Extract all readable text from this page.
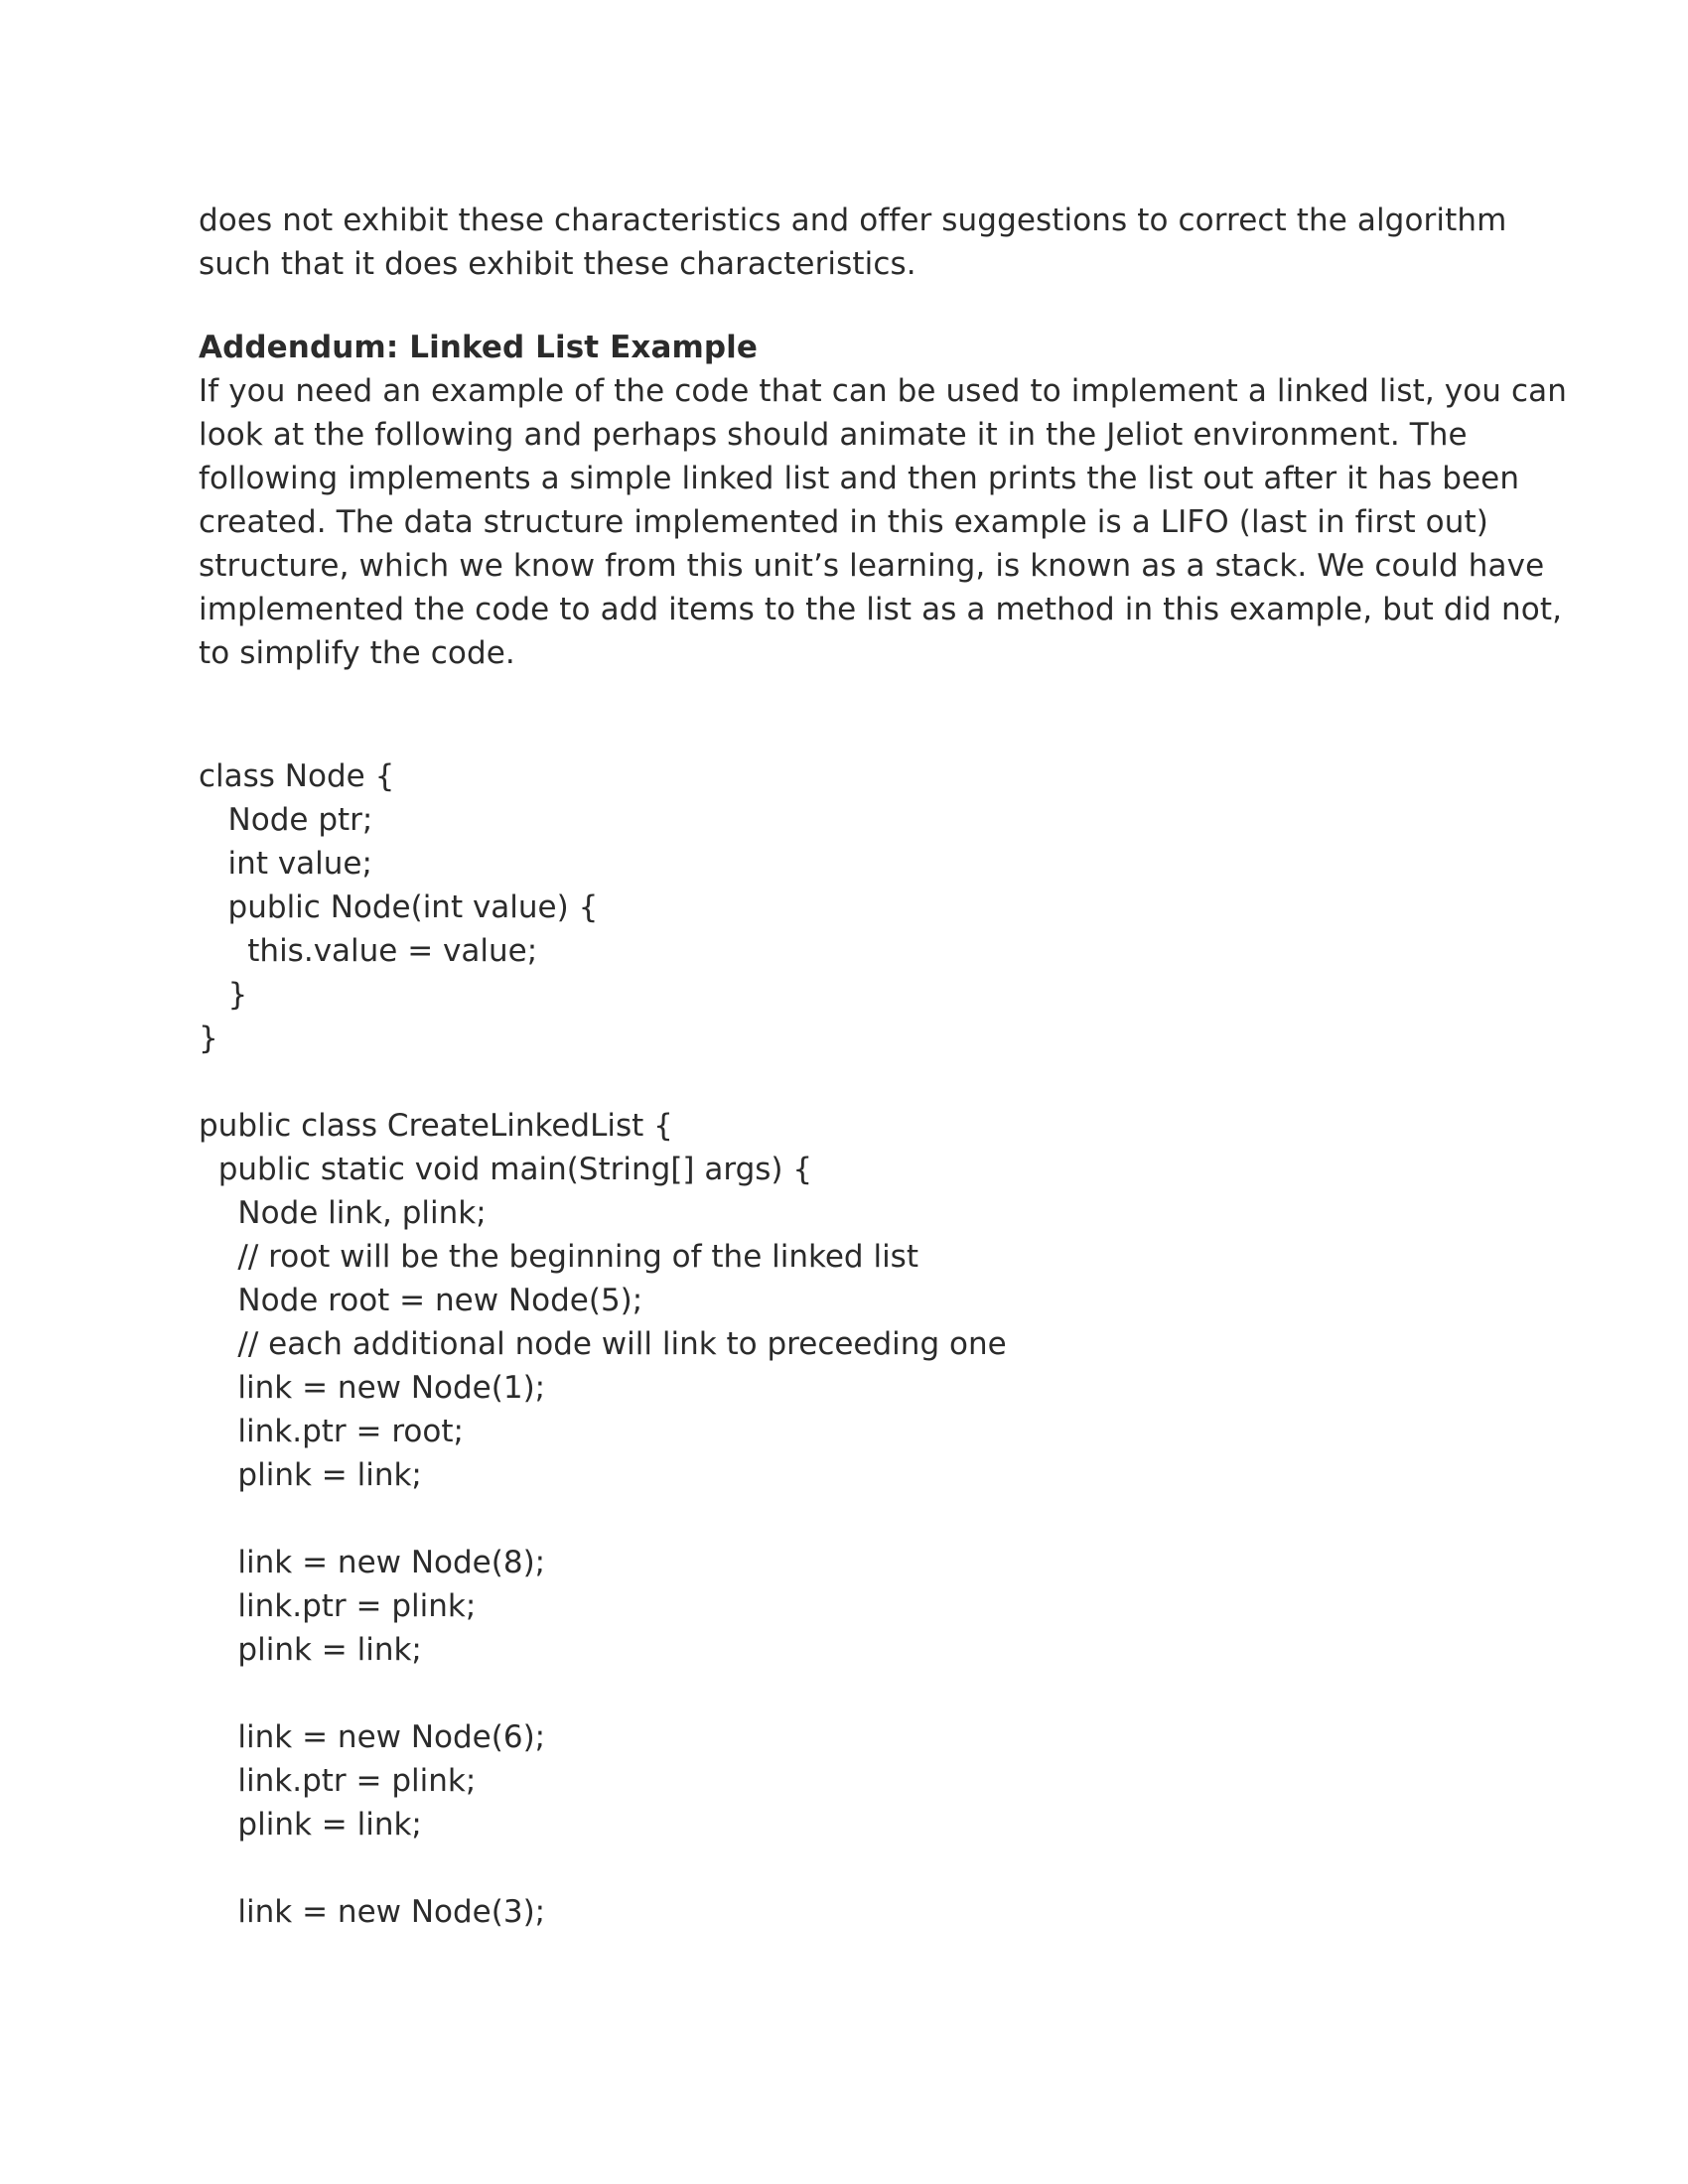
does not exhibit these characteristics and offer suggestions to correct the algorithm
such that it does exhibit these characteristics.
Addendum: Linked List Example
If you need an example of the code that can be used to implement a linked list, you can
look at the following and perhaps should animate it in the Jeliot environment. The
following implements a simple linked list and then prints the list out after it has been
created. The data structure implemented in this example is a LIFO (last in first out)
structure, which we know from this unit’s learning, is known as a stack. We could have
implemented the code to add items to the list as a method in this example, but did not,
to simplify the code.
class Node {
Node ptr;
int value;
public Node(int value) {
this.value = value;
}
}
public class CreateLinkedList {
public static void main(String[] args) {
Node link, plink;
// root will be the beginning of the linked list
Node root = new Node(5);
// each additional node will link to preceeding one
link = new Node(1);
link.ptr = root;
plink = link;
link = new Node(8);
link.ptr = plink;
plink = link;
link = new Node(6);
link.ptr = plink;
plink = link;
link = new Node(3);
